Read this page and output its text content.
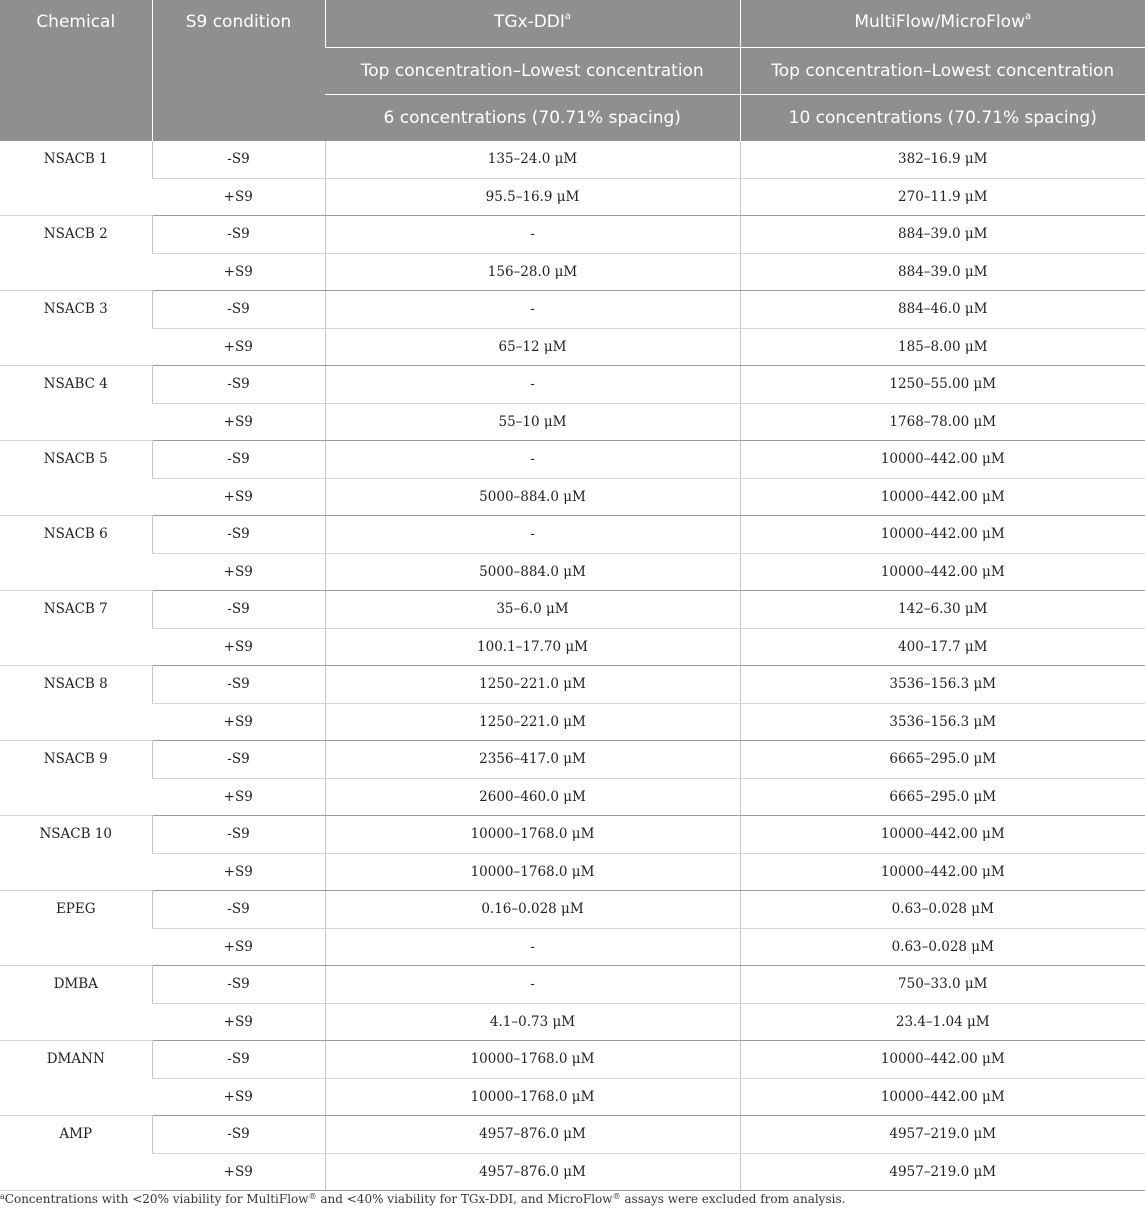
Chemical	S9 condition	TGx-DDI$^a$	MultiFlow/MicroFlow$^a$
		Top concentration–Lowest concentration	Top concentration–Lowest concentration
		6 concentrations (70.71% spacing)	10 concentrations (70.71% spacing)
NSACB 1	-S9	135–24.0 μM	382–16.9 μM
	+S9	95.5–16.9 μM	270–11.9 μM
NSACB 2	-S9	-	884–39.0 μM
	+S9	156–28.0 μM	884–39.0 μM
NSACB 3	-S9	-	884–46.0 μM
	+S9	65–12 μM	185–8.00 μM
NSABC 4	-S9	-	1250–55.00 μM
	+S9	55–10 μM	1768–78.00 μM
NSACB 5	-S9	-	10000–442.00 μM
	+S9	5000–884.0 μM	10000–442.00 μM
NSACB 6	-S9	-	10000–442.00 μM
	+S9	5000–884.0 μM	10000–442.00 μM
NSACB 7	-S9	35–6.0 μM	142–6.30 μM
	+S9	100.1–17.70 μM	400–17.7 μM
NSACB 8	-S9	1250–221.0 μM	3536–156.3 μM
	+S9	1250–221.0 μM	3536–156.3 μM
NSACB 9	-S9	2356–417.0 μM	6665–295.0 μM
	+S9	2600–460.0 μM	6665–295.0 μM
NSACB 10	-S9	10000–1768.0 μM	10000–442.00 μM
	+S9	10000–1768.0 μM	10000–442.00 μM
EPEG	-S9	0.16–0.028 μM	0.63–0.028 μM
	+S9	-	0.63–0.028 μM
DMBA	-S9	-	750–33.0 μM
	+S9	4.1–0.73 μM	23.4–1.04 μM
DMANN	-S9	10000–1768.0 μM	10000–442.00 μM
	+S9	10000–1768.0 μM	10000–442.00 μM
AMP	-S9	4957–876.0 μM	4957–219.0 μM
	+S9	4957–876.0 μM	4957–219.0 μM
$^a$Concentrations with <20% viability for MultiFlow® and <40% viability for TGx-DDI, and MicroFlow® assays were excluded from analysis.
